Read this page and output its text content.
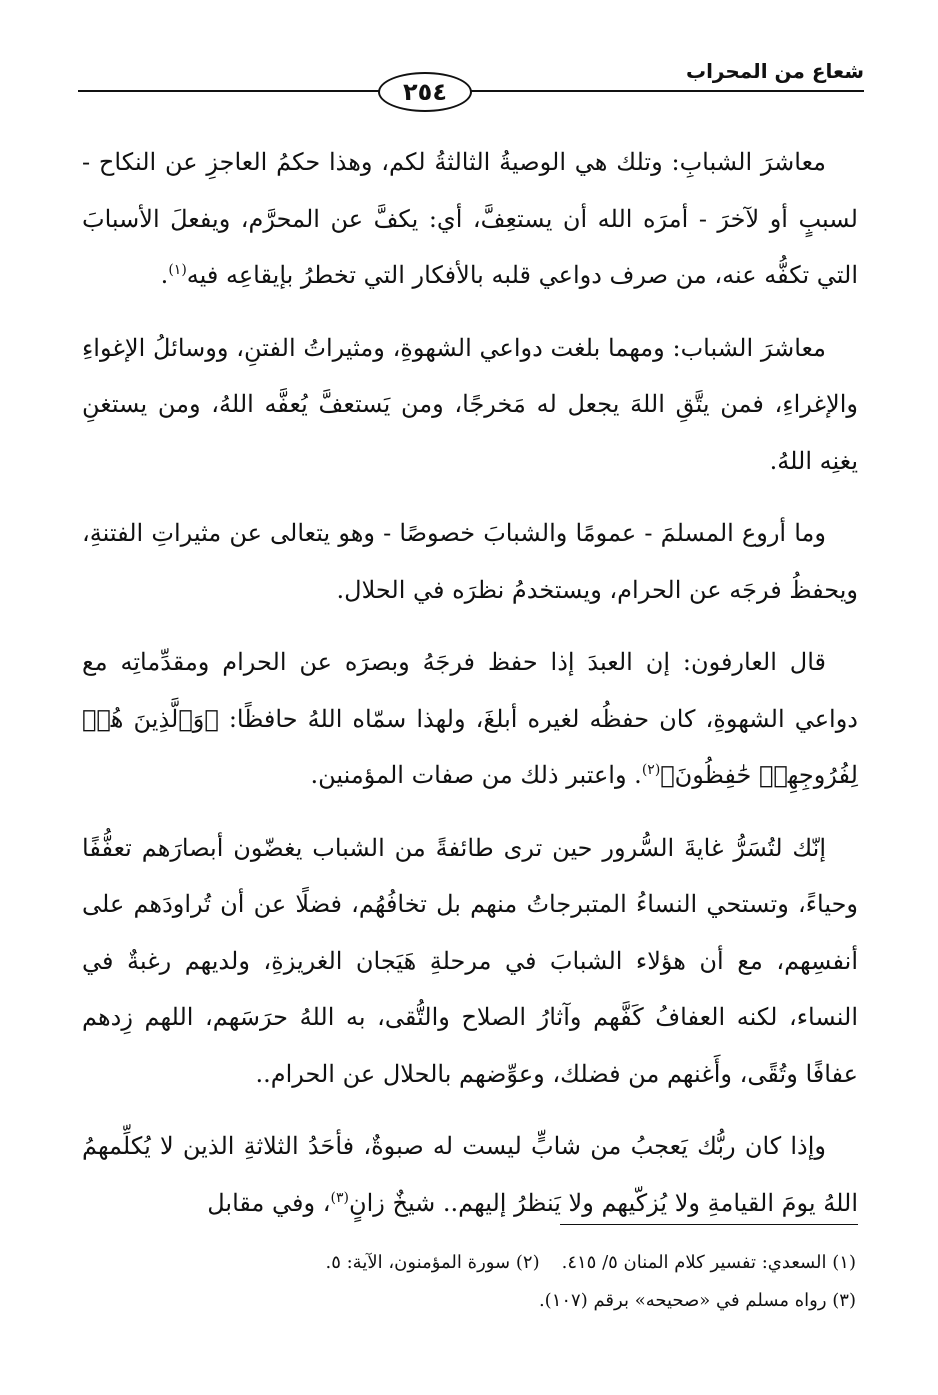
شعاع من المحراب
٢٥٤

معاشرَ الشبابِ: وتلك هي الوصيةُ الثالثةُ لكم، وهذا حكمُ العاجزِ عن النكاح - لسببٍ أو لآخرَ - أمرَه الله أن يستعِفَّ، أي: يكفَّ عن المحرَّم، ويفعلَ الأسبابَ التي تكفُّه عنه، من صرف دواعي قلبه بالأفكار التي تخطرُ بإيقاعِه فيه$^{(١)}$.

معاشرَ الشباب: ومهما بلغت دواعي الشهوةِ، ومثيراتُ الفتنِ، ووسائلُ الإغواءِ والإغراءِ، فمن يتَّقِ اللهَ يجعل له مَخرجًا، ومن يَستعفَّ يُعفَّه اللهُ، ومن يستغنِ يغنِه اللهُ.

وما أروع المسلمَ - عمومًا والشبابَ خصوصًا - وهو يتعالى عن مثيراتِ الفتنةِ، ويحفظُ فرجَه عن الحرام، ويستخدمُ نظرَه في الحلال.

قال العارفون: إن العبدَ إذا حفظ فرجَهُ وبصرَه عن الحرام ومقدِّماتِه مع دواعي الشهوةِ، كان حفظُه لغيره أبلغَ، ولهذا سمّاه اللهُ حافظًا: ﴿وَٱلَّذِينَ هُمۡ لِفُرُوجِهِمۡ حَٰفِظُونَ﴾$^{(٢)}$. واعتبر ذلك من صفات المؤمنين.

إنّك لتُسَرُّ غايةَ السُّرور حين ترى طائفةً من الشباب يغضّون أبصارَهم تعفُّفًا وحياءً، وتستحي النساءُ المتبرجاتُ منهم بل تخافُهُم، فضلًا عن أن تُراودَهم على أنفسِهم، مع أن هؤلاء الشبابَ في مرحلةِ هَيَجان الغريزةِ، ولديهم رغبةٌ في النساء، لكنه العفافُ كَفَّهم وآثارُ الصلاح والتُّقى، به اللهُ حرَسَهم، اللهم زِدهم عفافًا وتُقًى، وأَغنهم من فضلك، وعوِّضهم بالحلال عن الحرام..

وإذا كان ربُّك يَعجبُ من شابٍّ ليست له صبوةٌ، فأحَدُ الثلاثةِ الذين لا يُكلِّمهمُ اللهُ يومَ القيامةِ ولا يُزكّيهم ولا يَنظرُ إليهم.. شيخٌ زانٍ$^{(٣)}$، وفي مقابل

(١) السعدي: تفسير كلام المنان ٥/ ٤١٥.(٢) سورة المؤمنون، الآية: ٥.

(٣) رواه مسلم في «صحيحه» برقم (١٠٧).
